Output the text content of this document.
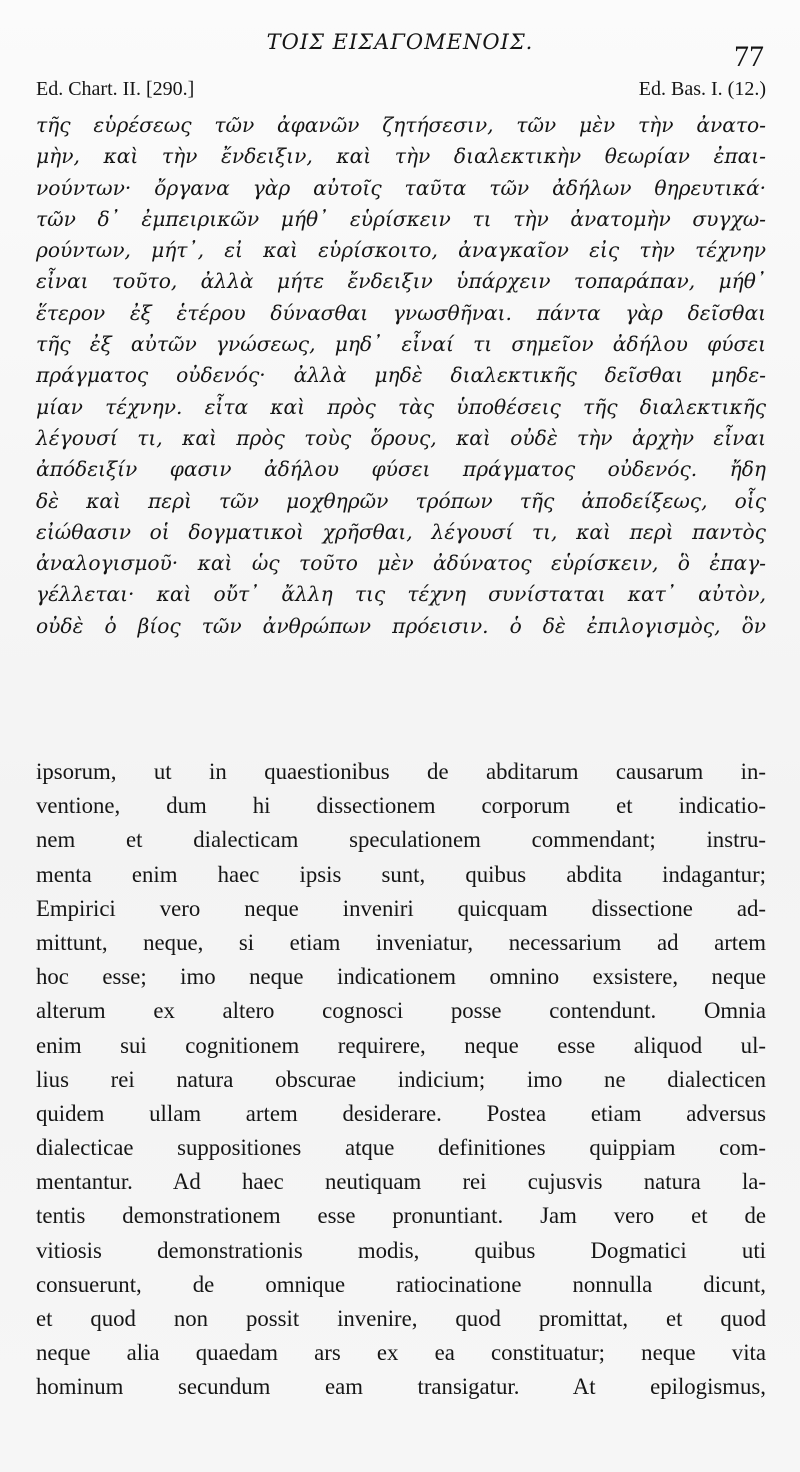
ΤΟΙΣ ΕΙΣΑΓΟΜΕΝΟΙΣ.	77
Ed. Chart. II. [290.]	Ed. Bas. I. (12.)
τῆς εὑρέσεως τῶν ἀφανῶν ζητήσεσιν, τῶν μὲν τὴν ἀνατο-
μὴν, καὶ τὴν ἔνδειξιν, καὶ τὴν διαλεκτικὴν θεωρίαν ἐπαι-
νούντων· ὄργανα γὰρ αὐτοῖς ταῦτα τῶν ἀδήλων θηρευτικά·
τῶν δ᾽ ἐμπειρικῶν μήθ᾽ εὑρίσκειν τι τὴν ἀνατομὴν συγχω-
ρούντων, μήτ᾽, εἰ καὶ εὑρίσκοιτο, ἀναγκαῖον εἰς τὴν τέχνην
εἶναι τοῦτο, ἀλλὰ μήτε ἔνδειξιν ὑπάρχειν τοπαράπαν, μήθ᾽
ἕτερον ἐξ ἑτέρου δύνασθαι γνωσθῆναι. πάντα γὰρ δεῖσθαι
τῆς ἐξ αὐτῶν γνώσεως, μηδ᾽ εἶναί τι σημεῖον ἀδήλου φύσει
πράγματος οὐδενός· ἀλλὰ μηδὲ διαλεκτικῆς δεῖσθαι μηδε-
μίαν τέχνην. εἶτα καὶ πρὸς τὰς ὑποθέσεις τῆς διαλεκτικῆς
λέγουσί τι, καὶ πρὸς τοὺς ὅρους, καὶ οὐδὲ τὴν ἀρχὴν εἶναι
ἀπόδειξίν φασιν ἀδήλου φύσει πράγματος οὐδενός. ἤδη
δὲ καὶ περὶ τῶν μοχθηρῶν τρόπων τῆς ἀποδείξεως, οἷς
εἰώθασιν οἱ δογματικοὶ χρῆσθαι, λέγουσί τι, καὶ περὶ παντὸς
ἀναλογισμοῦ· καὶ ὡς τοῦτο μὲν ἀδύνατος εὑρίσκειν, ὃ ἐπαγ-
γέλλεται· καὶ οὔτ᾽ ἄλλη τις τέχνη συνίσταται κατ᾽ αὐτὸν,
οὐδὲ ὁ βίος τῶν ἀνθρώπων πρόεισιν. ὁ δὲ ἐπιλογισμὸς, ὃν
ipsorum, ut in quaestionibus de abditarum causarum in-
ventione, dum hi dissectionem corporum et indicatio-
nem et dialecticam speculationem commendant; instru-
menta enim haec ipsis sunt, quibus abdita indagantur;
Empirici vero neque inveniri quicquam dissectione ad-
mittunt, neque, si etiam inveniatur, necessarium ad artem
hoc esse; imo neque indicationem omnino exsistere, neque
alterum ex altero cognosci posse contendunt. Omnia
enim sui cognitionem requirere, neque esse aliquod ul-
lius rei natura obscurae indicium; imo ne dialecticen
quidem ullam artem desiderare. Postea etiam adversus
dialecticae suppositiones atque definitiones quippiam com-
mentantur. Ad haec neutiquam rei cujusvis natura la-
tentis demonstrationem esse pronuntiant. Jam vero et de
vitiosis demonstrationis modis, quibus Dogmatici uti
consuerunt, de omnique ratiocinatione nonnulla dicunt,
et quod non possit invenire, quod promittat, et quod
neque alia quaedam ars ex ea constituatur; neque vita
hominum secundum eam transigatur. At epilogismus,
